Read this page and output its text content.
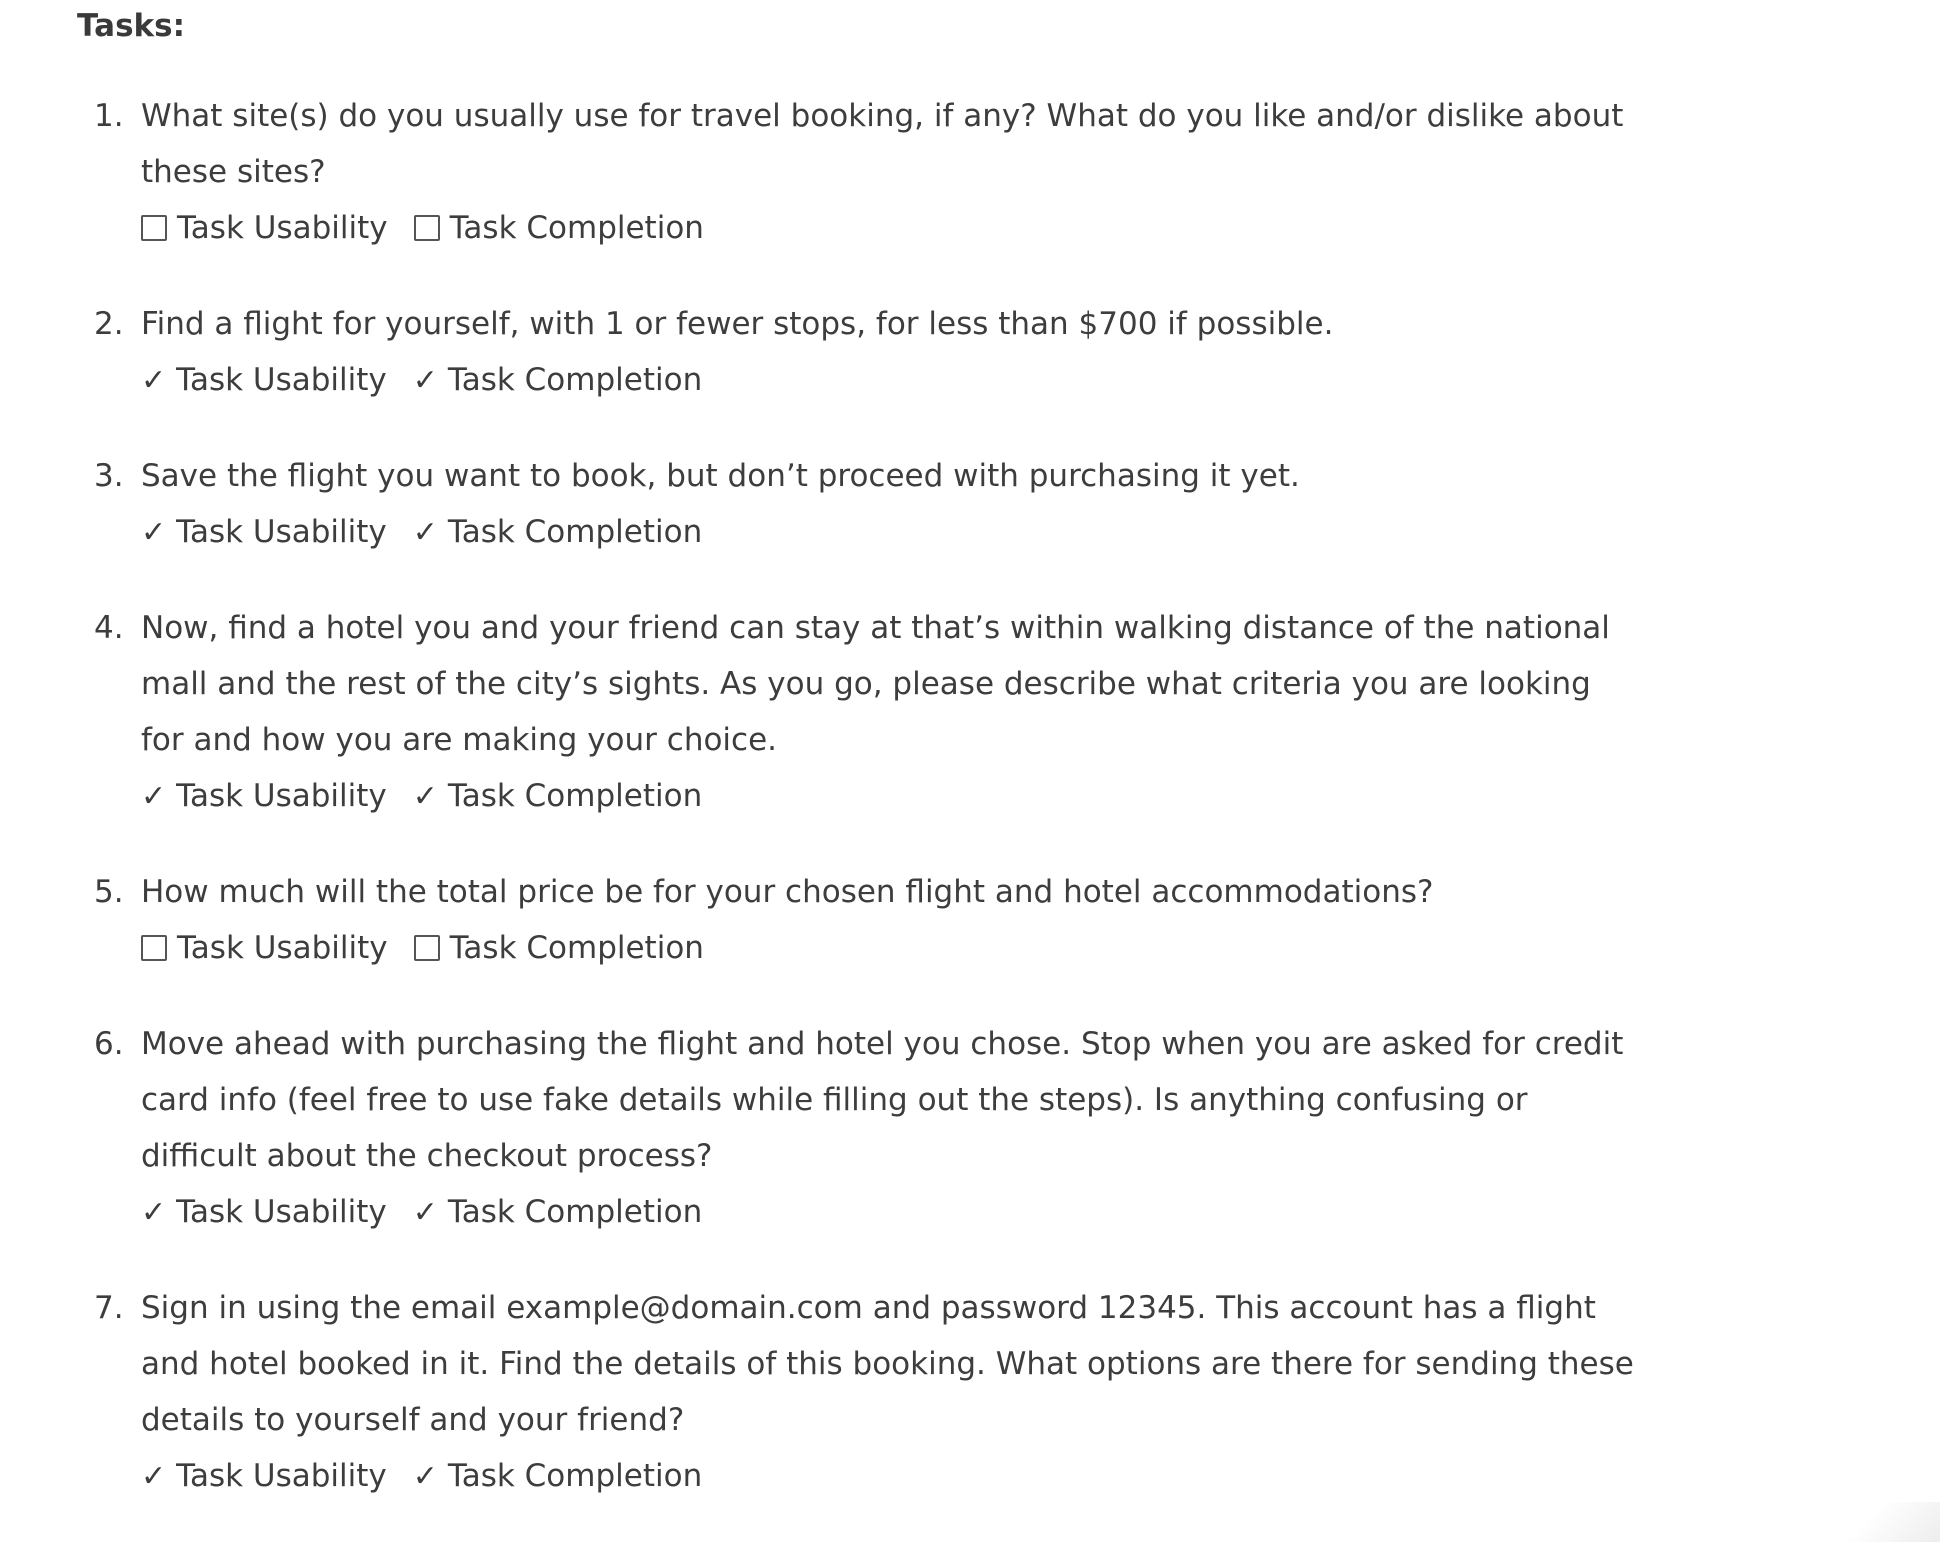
Tasks:
1. What site(s) do you usually use for travel booking, if any? What do you like and/or dislike about these sites?

Task Usability Task Completion
2. Find a flight for yourself, with 1 or fewer stops, for less than $700 if possible.

✓ Task Usability ✓ Task Completion
3. Save the flight you want to book, but don’t proceed with purchasing it yet.

✓ Task Usability ✓ Task Completion
4. Now, find a hotel you and your friend can stay at that’s within walking distance of the national mall and the rest of the city’s sights. As you go, please describe what criteria you are looking for and how you are making your choice.

✓ Task Usability ✓ Task Completion
5. How much will the total price be for your chosen flight and hotel accommodations?

Task Usability Task Completion
6. Move ahead with purchasing the flight and hotel you chose. Stop when you are asked for credit card info (feel free to use fake details while filling out the steps). Is anything confusing or difficult about the checkout process?

✓ Task Usability ✓ Task Completion
7. Sign in using the email example@domain.com and password 12345. This account has a flight and hotel booked in it. Find the details of this booking. What options are there for sending these details to yourself and your friend?

✓ Task Usability ✓ Task Completion
